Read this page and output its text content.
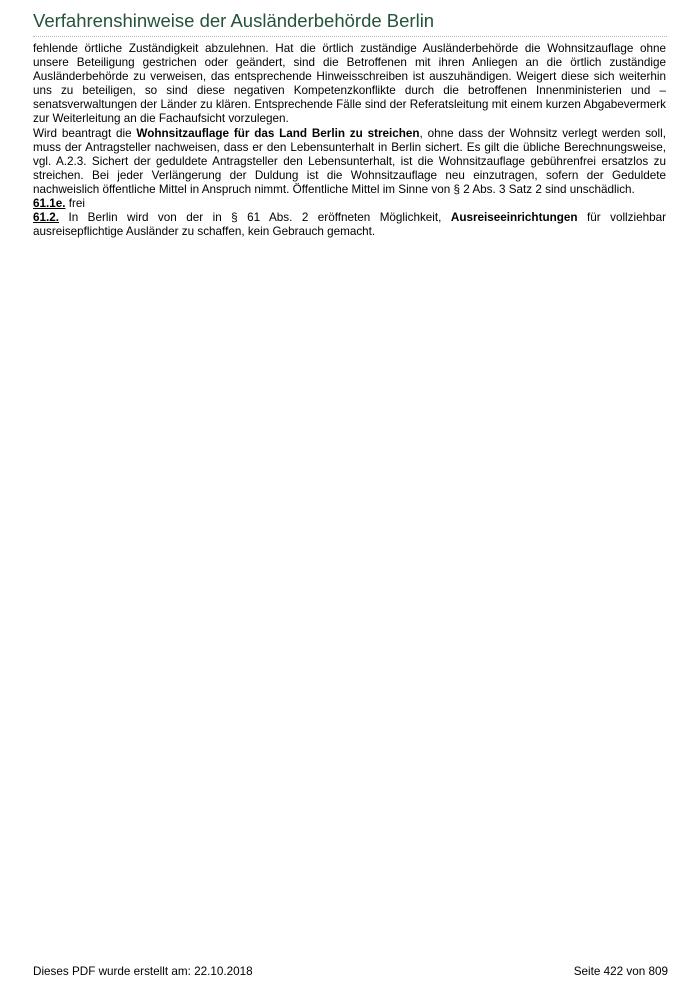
Verfahrenshinweise der Ausländerbehörde Berlin

fehlende örtliche Zuständigkeit abzulehnen. Hat die örtlich zuständige Ausländerbehörde die Wohnsitzauflage ohne unsere Beteiligung gestrichen oder geändert, sind die Betroffenen mit ihren Anliegen an die örtlich zuständige Ausländerbehörde zu verweisen, das entsprechende Hinweisschreiben ist auszuhändigen. Weigert diese sich weiterhin uns zu beteiligen, so sind diese negativen Kompetenzkonflikte durch die betroffenen Innenministerien und –senatsverwaltungen der Länder zu klären. Entsprechende Fälle sind der Referatsleitung mit einem kurzen Abgabevermerk zur Weiterleitung an die Fachaufsicht vorzulegen.

Wird beantragt die Wohnsitzauflage für das Land Berlin zu streichen, ohne dass der Wohnsitz verlegt werden soll, muss der Antragsteller nachweisen, dass er den Lebensunterhalt in Berlin sichert. Es gilt die übliche Berechnungsweise, vgl. A.2.3. Sichert der geduldete Antragsteller den Lebensunterhalt, ist die Wohnsitzauflage gebührenfrei ersatzlos zu streichen. Bei jeder Verlängerung der Duldung ist die Wohnsitzauflage neu einzutragen, sofern der Geduldete nachweislich öffentliche Mittel in Anspruch nimmt. Öffentliche Mittel im Sinne von § 2 Abs. 3 Satz 2 sind unschädlich.

61.1e. frei

61.2. In Berlin wird von der in § 61 Abs. 2 eröffneten Möglichkeit, Ausreiseeinrichtungen für vollziehbar ausreisepflichtige Ausländer zu schaffen, kein Gebrauch gemacht.

Dieses PDF wurde erstellt am: 22.10.2018	Seite 422 von 809
